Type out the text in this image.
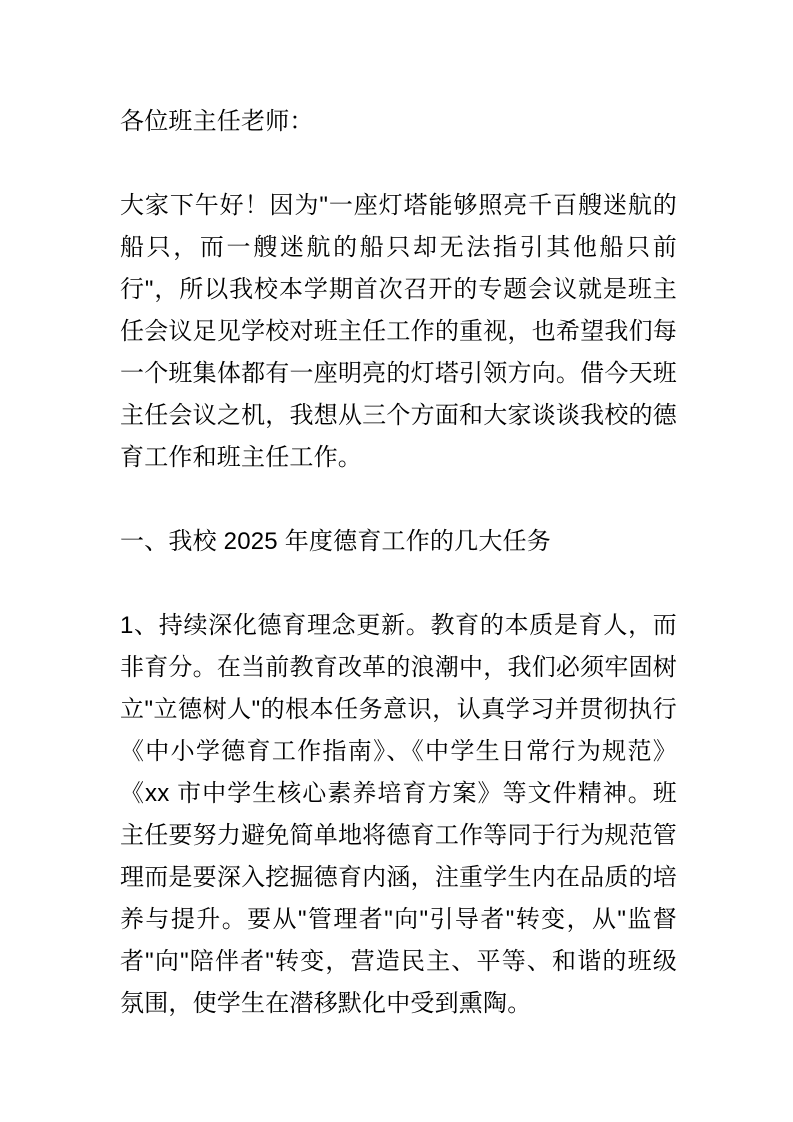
各位班主任老师：

大家下午好！因为"一座灯塔能够照亮千百艘迷航的船只，而一艘迷航的船只却无法指引其他船只前行"，所以我校本学期首次召开的专题会议就是班主任会议足见学校对班主任工作的重视，也希望我们每一个班集体都有一座明亮的灯塔引领方向。借今天班主任会议之机，我想从三个方面和大家谈谈我校的德育工作和班主任工作。

一、我校 2025 年度德育工作的几大任务

1、持续深化德育理念更新。教育的本质是育人，而非育分。在当前教育改革的浪潮中，我们必须牢固树立"立德树人"的根本任务意识，认真学习并贯彻执行《中小学德育工作指南》、《中学生日常行为规范》《xx 市中学生核心素养培育方案》等文件精神。班主任要努力避免简单地将德育工作等同于行为规范管理而是要深入挖掘德育内涵，注重学生内在品质的培养与提升。要从"管理者"向"引导者"转变，从"监督者"向"陪伴者"转变，营造民主、平等、和谐的班级氛围，使学生在潜移默化中受到熏陶。
